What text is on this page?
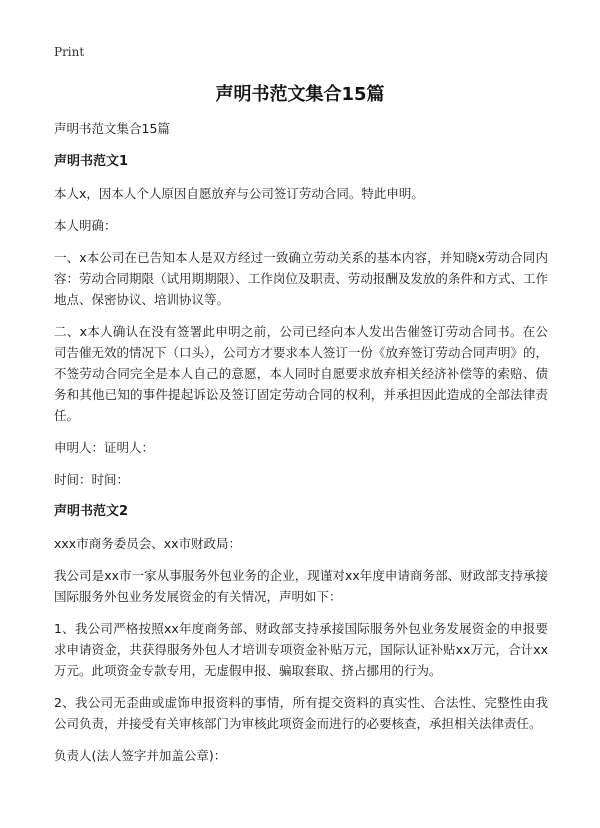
Print
声明书范文集合15篇

声明书范文集合15篇

声明书范文1

本人x，因本人个人原因自愿放弃与公司签订劳动合同。特此申明。

本人明确：

一、x本公司在已告知本人是双方经过一致确立劳动关系的基本内容，并知晓x劳动合同内容：劳动合同期限（试用期期限）、工作岗位及职责、劳动报酬及发放的条件和方式、工作地点、保密协议、培训协议等。

二、x本人确认在没有签署此申明之前，公司已经向本人发出告催签订劳动合同书。在公司告催无效的情况下（口头），公司方才要求本人签订一份《放弃签订劳动合同声明》的，不签劳动合同完全是本人自己的意愿，本人同时自愿要求放弃相关经济补偿等的索赔、债务和其他已知的事件提起诉讼及签订固定劳动合同的权利，并承担因此造成的全部法律责任。

申明人：证明人：

时间：时间：

声明书范文2

xxx市商务委员会、xx市财政局：

我公司是xx市一家从事服务外包业务的企业，现谨对xx年度申请商务部、财政部支持承接国际服务外包业务发展资金的有关情况，声明如下：

1、我公司严格按照xx年度商务部、财政部支持承接国际服务外包业务发展资金的申报要求申请资金，共获得服务外包人才培训专项资金补贴万元，国际认证补贴xx万元，合计xx万元。此项资金专款专用，无虚假申报、骗取套取、挤占挪用的行为。

2、我公司无歪曲或虚饰申报资料的事情，所有提交资料的真实性、合法性、完整性由我公司负责，并接受有关审核部门为审核此项资金而进行的必要核查，承担相关法律责任。

负责人(法人签字并加盖公章)：
